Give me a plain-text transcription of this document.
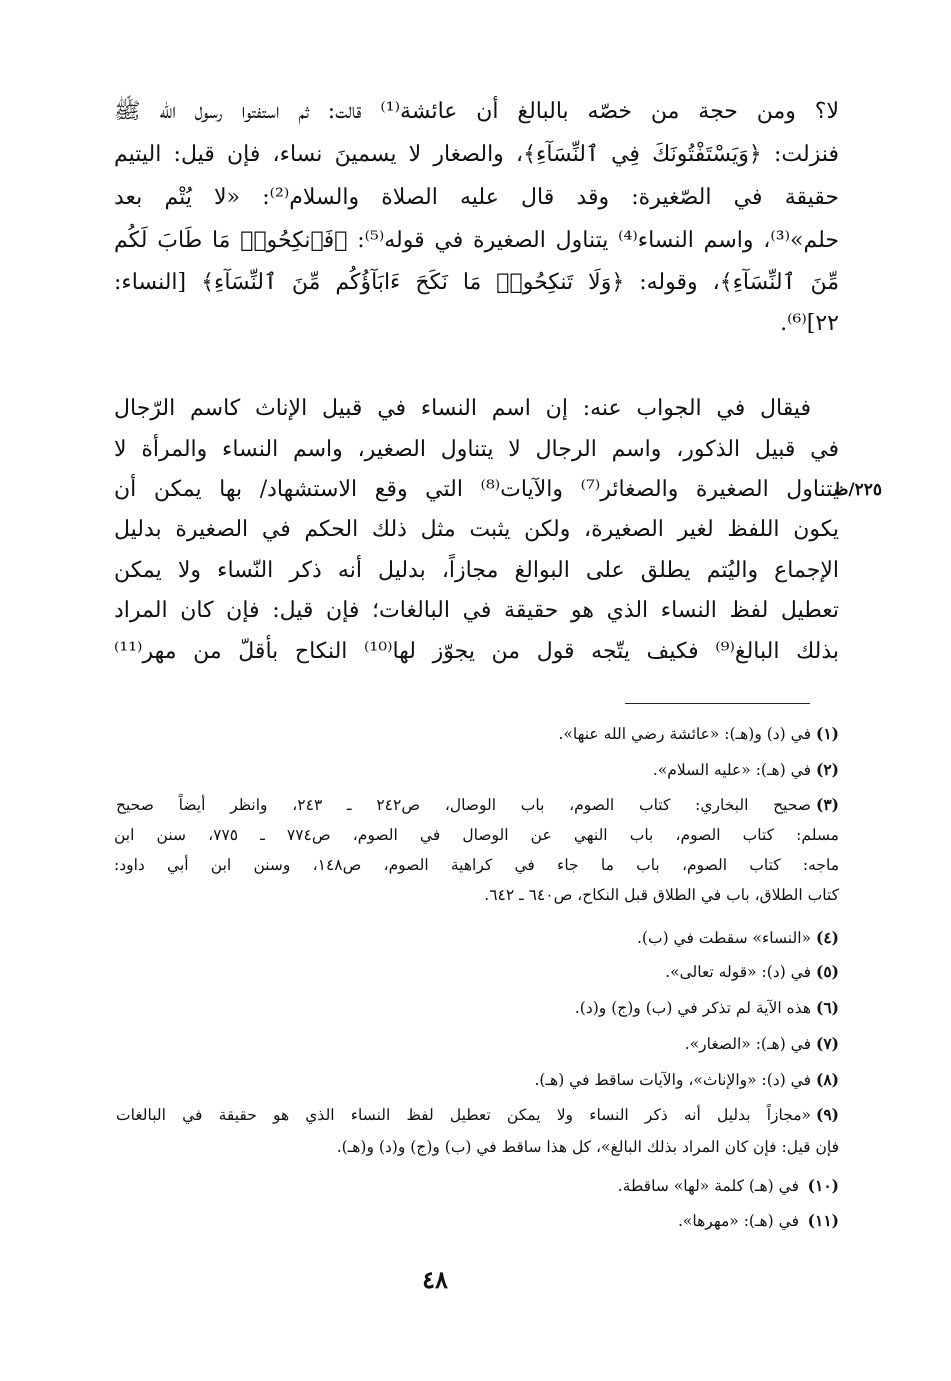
لا؟ ومن حجة من خصّه بالبالغ أن عائشة⁽¹⁾ قالت: ثم استفتوا رسول الله ﷺ
فنزلت: ﴿وَيَسْتَفْتُونَكَ فِي ٱلنِّسَآءِ﴾، والصغار لا يسمينَ نساء، فإن قيل: اليتيم
حقيقة في الصّغيرة: وقد قال عليه الصلاة والسلام⁽²⁾: «لا يُتْم بعد
حلم»⁽³⁾، واسم النساء⁽⁴⁾ يتناول الصغيرة في قوله⁽⁵⁾: ﴿فَٱنكِحُوا۟ مَا طَابَ لَكُم
مِّنَ ٱلنِّسَآءِ﴾، وقوله: ﴿وَلَا تَنكِحُوا۟ مَا نَكَحَ ءَابَآؤُكُم مِّنَ ٱلنِّسَآءِ﴾ [النساء:
٢٢]⁽⁶⁾.
فيقال في الجواب عنه: إن اسم النساء في قبيل الإناث كاسم الرّجال
في قبيل الذكور، واسم الرجال لا يتناول الصغير، واسم النساء والمرأة لا
يتناول الصغيرة والصغائر⁽⁷⁾ والآيات⁽⁸⁾ التي وقع الاستشهاد/ بها يمكن أن
يكون اللفظ لغير الصغيرة، ولكن يثبت مثل ذلك الحكم في الصغيرة بدليل
الإجماع واليُتم يطلق على البوالغ مجازاً، بدليل أنه ذكر النّساء ولا يمكن
تعطيل لفظ النساء الذي هو حقيقة في البالغات؛ فإن قيل: فإن كان المراد
بذلك البالغ⁽⁹⁾ فكيف يتّجه قول من يجوّز لها⁽¹⁰⁾ النكاح بأقلّ من مهر⁽¹¹⁾
٢٢٥/ظ
(١)
في (د) و(هـ): «عائشة رضي الله عنها».
(٢)
في (هـ): «عليه السلام».
(٣)
صحيح البخاري: كتاب الصوم، باب الوصال، ص٢٤٢ ـ ٢٤٣، وانظر أيضاً صحيح
مسلم: كتاب الصوم، باب النهي عن الوصال في الصوم، ص٧٧٤ ـ ٧٧٥، سنن ابن
ماجه: كتاب الصوم، باب ما جاء في كراهية الصوم، ص١٤٨، وسنن ابن أبي داود:
كتاب الطلاق، باب في الطلاق قبل النكاح، ص٦٤٠ ـ ٦٤٢.
(٤)
«النساء» سقطت في (ب).
(٥)
في (د): «قوله تعالى».
(٦)
هذه الآية لم تذكر في (ب) و(ج) و(د).
(٧)
في (هـ): «الصغار».
(٨)
في (د): «والإناث»، والآيات ساقط في (هـ).
(٩)
«مجازاً بدليل أنه ذكر النساء ولا يمكن تعطيل لفظ النساء الذي هو حقيقة في البالغات
فإن قيل: فإن كان المراد بذلك البالغ»، كل هذا ساقط في (ب) و(ج) و(د) و(هـ).
(١٠)
في (هـ) كلمة «لها» ساقطة.
(١١)
في (هـ): «مهرها».
٤٨
